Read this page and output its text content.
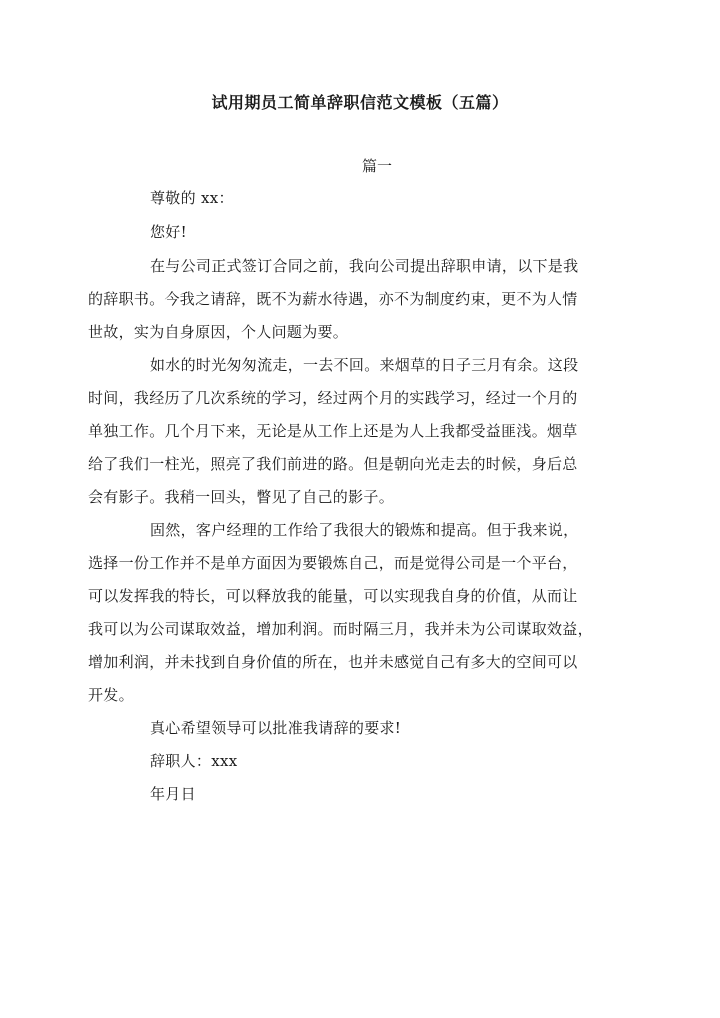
试用期员工简单辞职信范文模板（五篇）
篇一
尊敬的 xx：
您好!
在与公司正式签订合同之前，我向公司提出辞职申请，以下是我
的辞职书。今我之请辞，既不为薪水待遇，亦不为制度约束，更不为人情
世故，实为自身原因，个人问题为要。
如水的时光匆匆流走，一去不回。来烟草的日子三月有余。这段
时间，我经历了几次系统的学习，经过两个月的实践学习，经过一个月的
单独工作。几个月下来，无论是从工作上还是为人上我都受益匪浅。烟草
给了我们一柱光，照亮了我们前进的路。但是朝向光走去的时候，身后总
会有影子。我稍一回头，瞥见了自己的影子。
固然，客户经理的工作给了我很大的锻炼和提高。但于我来说，
选择一份工作并不是单方面因为要锻炼自己，而是觉得公司是一个平台，
可以发挥我的特长，可以释放我的能量，可以实现我自身的价值，从而让
我可以为公司谋取效益，增加利润。而时隔三月，我并未为公司谋取效益，
增加利润，并未找到自身价值的所在，也并未感觉自己有多大的空间可以
开发。
真心希望领导可以批准我请辞的要求!
辞职人：xxx
年月日
